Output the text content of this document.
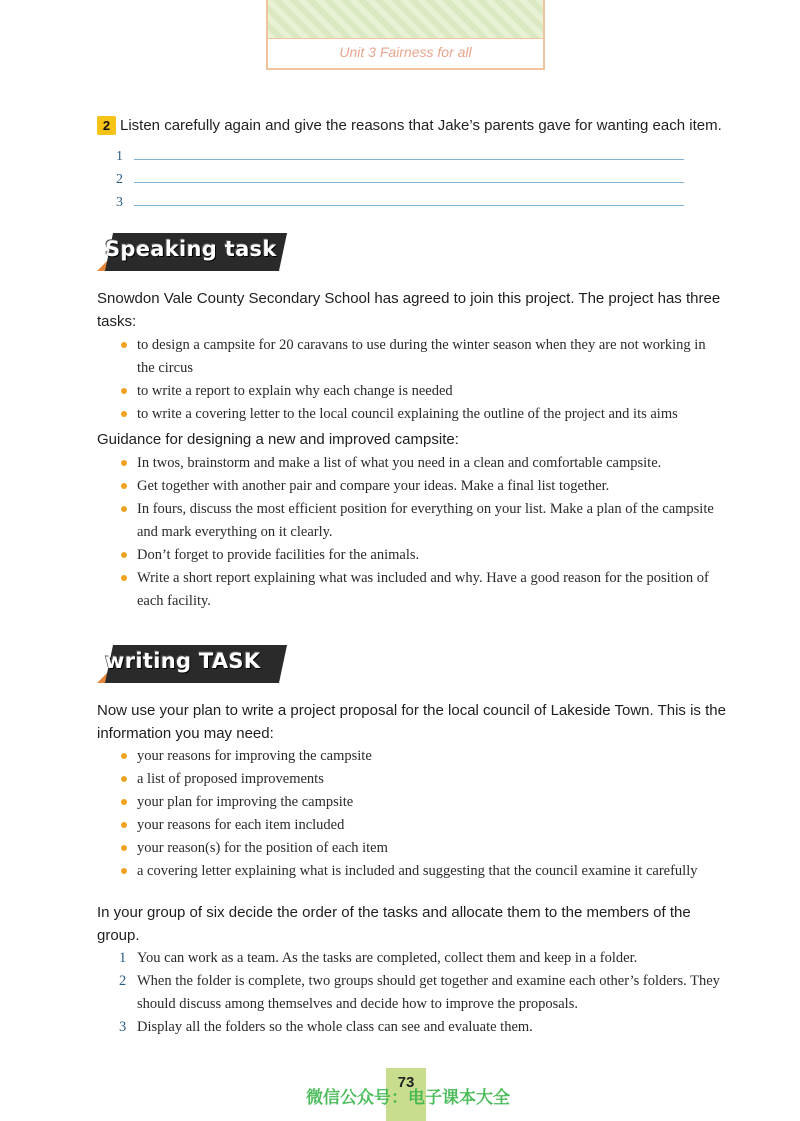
Unit 3 Fairness for all
2 Listen carefully again and give the reasons that Jake’s parents gave for wanting each item.
1
2
3
Speaking task
Snowdon Vale County Secondary School has agreed to join this project. The project has three tasks:
to design a campsite for 20 caravans to use during the winter season when they are not working in the circus
to write a report to explain why each change is needed
to write a covering letter to the local council explaining the outline of the project and its aims
Guidance for designing a new and improved campsite:
In twos, brainstorm and make a list of what you need in a clean and comfortable campsite.
Get together with another pair and compare your ideas. Make a final list together.
In fours, discuss the most efficient position for everything on your list. Make a plan of the campsite and mark everything on it clearly.
Don’t forget to provide facilities for the animals.
Write a short report explaining what was included and why. Have a good reason for the position of each facility.
writing TASK
Now use your plan to write a project proposal for the local council of Lakeside Town. This is the information you may need:
your reasons for improving the campsite
a list of proposed improvements
your plan for improving the campsite
your reasons for each item included
your reason(s) for the position of each item
a covering letter explaining what is included and suggesting that the council examine it carefully
In your group of six decide the order of the tasks and allocate them to the members of the group.
1 You can work as a team. As the tasks are completed, collect them and keep in a folder.
2 When the folder is complete, two groups should get together and examine each other’s folders. They should discuss among themselves and decide how to improve the proposals.
3 Display all the folders so the whole class can see and evaluate them.
73
微信公众号：电子课本大全
